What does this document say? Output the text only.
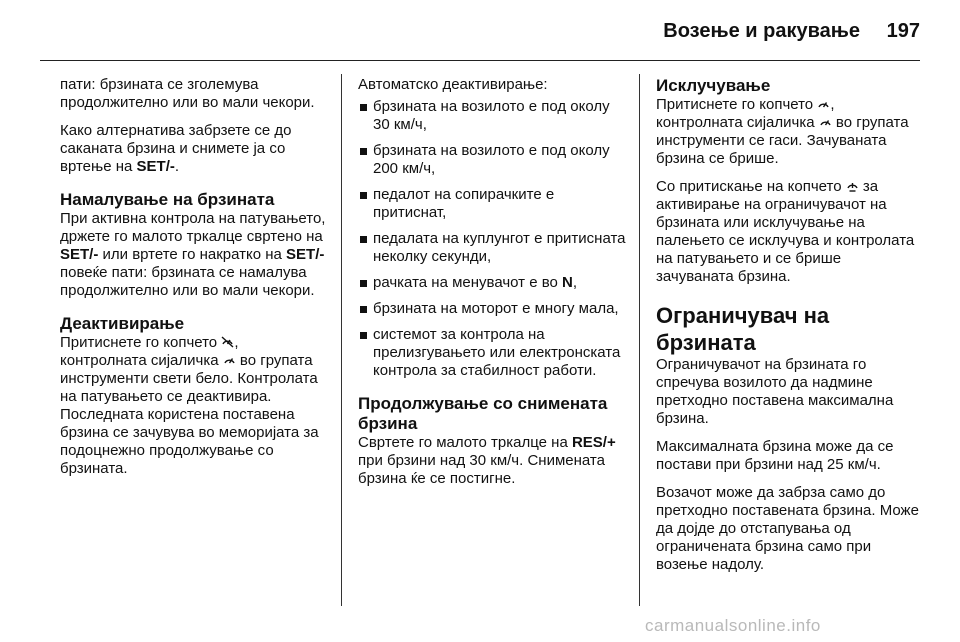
Возење и ракување	197

пати: брзината се зголемува продолжително или во мали чекори.

Како алтернатива забрзете се до саканата брзина и снимете ја со вртење на SET/-.

Намалување на брзината

При активна контрола на патувањето, држете го малото тркалце свртено на SET/- или вртете го накратко на SET/- повеќе пати: брзината се намалува продолжително или во мали чекори.

Деактивирање

Притиснете го копчето
,
контролната сијаличка
во групата инструменти свети бело. Контролата на патувањето се деактивира. Последната користена поставена брзина се зачувува во меморијата за подоцнежно продолжување со брзината.

Автоматско деактивирање:

брзината на возилото е под околу 30 км/ч,
брзината на возилото е под околу 200 км/ч,
педалот на сопирачките е притиснат,
педалата на куплунгот е притисната неколку секунди,
рачката на менувачот е во N,
брзината на моторот е многу мала,
системот за контрола на прелизгувањето или електронската контрола за стабилност работи.
Продолжување со снимената брзина

Свртете го малото тркалце на RES/+ при брзини над 30 км/ч. Снимената брзина ќе се постигне.

Исклучување

Притиснете го копчето
,
контролната сијаличка
во групата инструменти се гаси. Зачуваната брзина се брише.

Со притискање на копчето
за активирање на ограничувачот на брзината или исклучување на палењето се исклучува и контролата на патувањето и се брише зачуваната брзина.

Ограничувач на брзината

Ограничувачот на брзината го спречува возилото да надмине претходно поставена максимална брзина.

Максималната брзина може да се постави при брзини над 25 км/ч.

Возачот може да забрза само до претходно поставената брзина. Може да дојде до отстапувања од ограничената брзина само при возење надолу.

carmanualsonline.info
